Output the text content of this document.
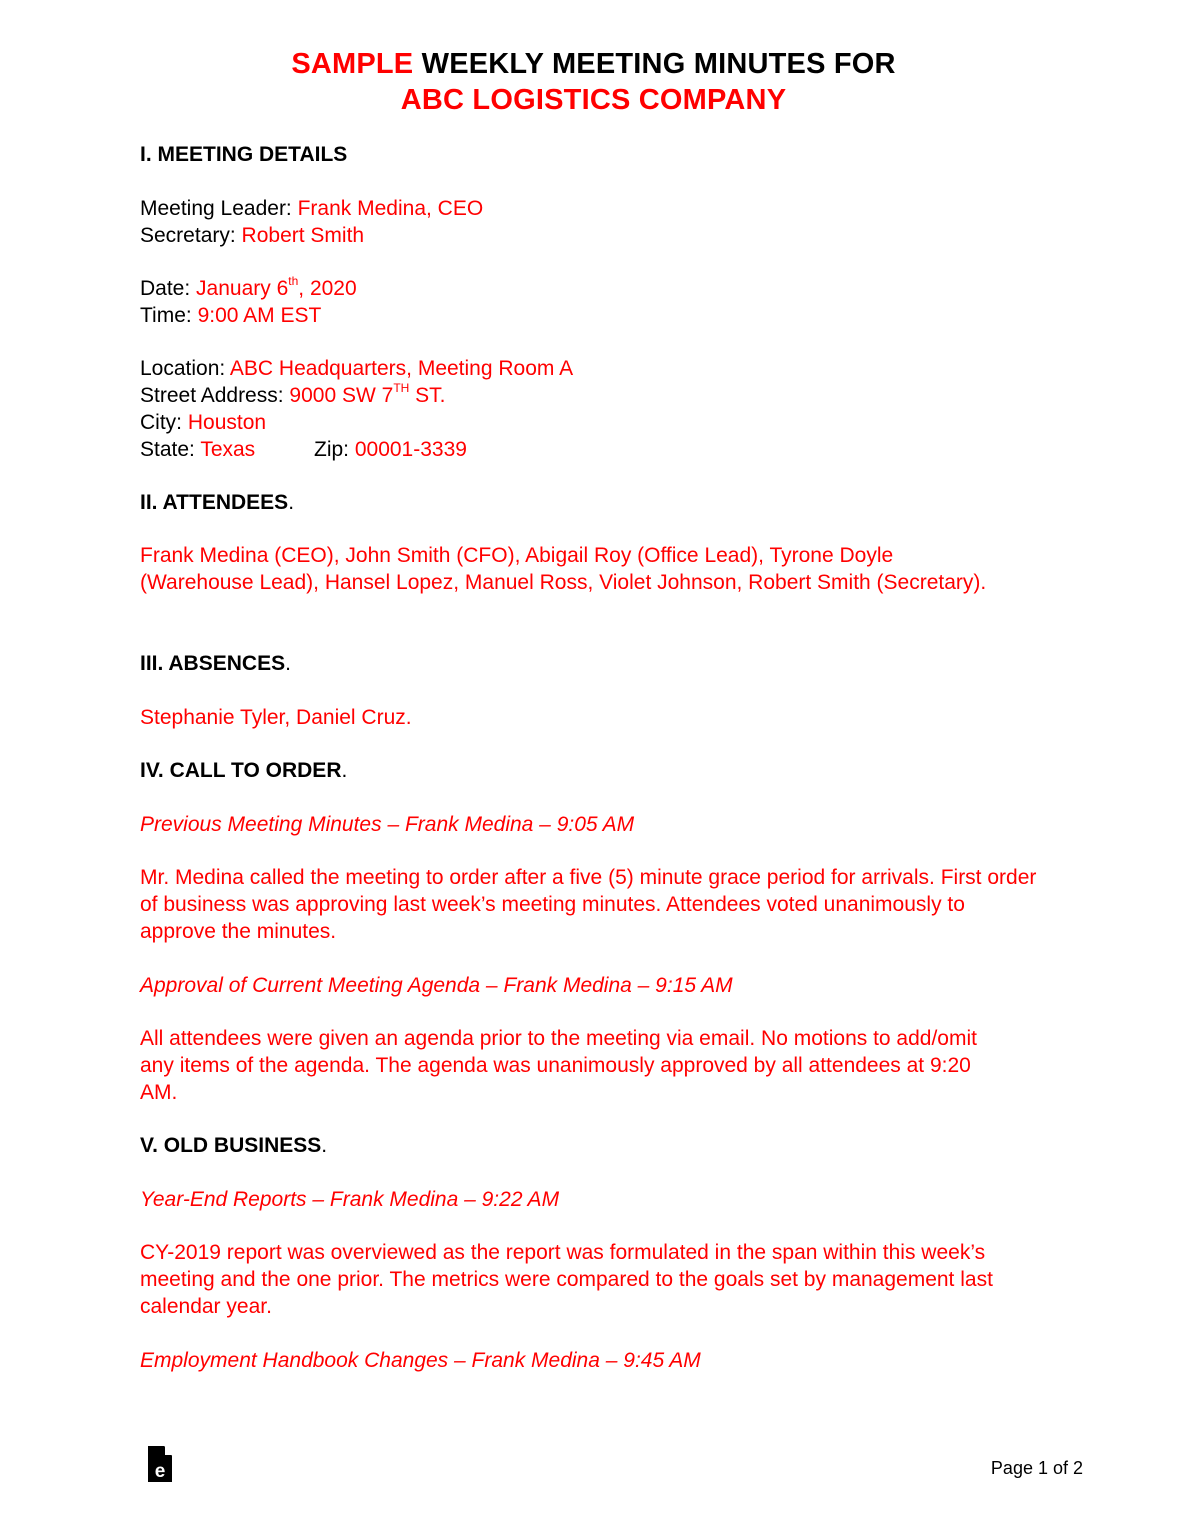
SAMPLE WEEKLY MEETING MINUTES FOR
ABC LOGISTICS COMPANY
I. MEETING DETAILS
Meeting Leader: Frank Medina, CEO
Secretary: Robert Smith
Date: January 6th, 2020
Time: 9:00 AM EST
Location: ABC Headquarters, Meeting Room A
Street Address: 9000 SW 7TH ST.
City: Houston
State: Texas	Zip: 00001-3339
II. ATTENDEES.
Frank Medina (CEO), John Smith (CFO), Abigail Roy (Office Lead), Tyrone Doyle (Warehouse Lead), Hansel Lopez, Manuel Ross, Violet Johnson, Robert Smith (Secretary).
III. ABSENCES.
Stephanie Tyler, Daniel Cruz.
IV. CALL TO ORDER.
Previous Meeting Minutes – Frank Medina – 9:05 AM
Mr. Medina called the meeting to order after a five (5) minute grace period for arrivals. First order of business was approving last week’s meeting minutes. Attendees voted unanimously to approve the minutes.
Approval of Current Meeting Agenda – Frank Medina – 9:15 AM
All attendees were given an agenda prior to the meeting via email. No motions to add/omit any items of the agenda. The agenda was unanimously approved by all attendees at 9:20 AM.
V. OLD BUSINESS.
Year-End Reports – Frank Medina – 9:22 AM
CY-2019 report was overviewed as the report was formulated in the span within this week’s meeting and the one prior. The metrics were compared to the goals set by management last calendar year.
Employment Handbook Changes – Frank Medina – 9:45 AM
e	Page 1 of 2
